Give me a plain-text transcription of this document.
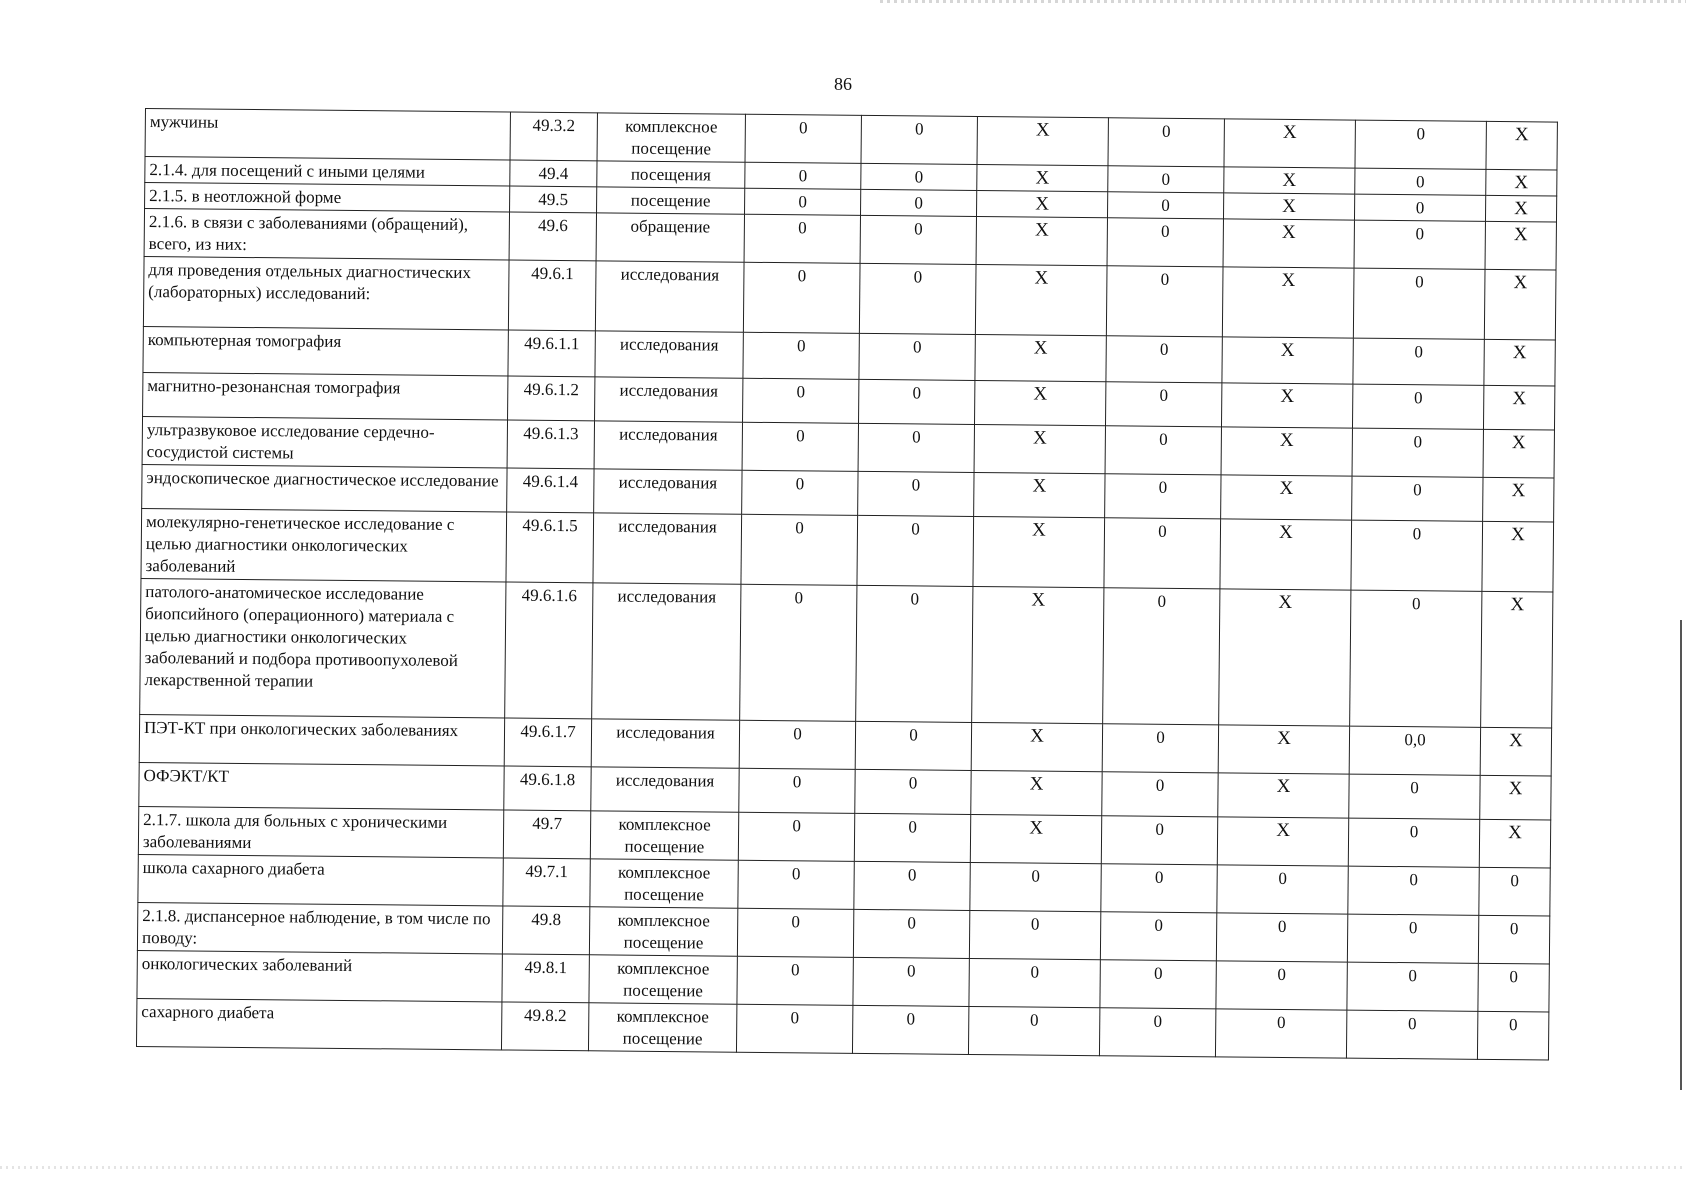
86
мужчины	49.3.2	комплексное посещение	0	0	X	0	X	0	X
2.1.4. для посещений с иными целями	49.4	посещения	0	0	X	0	X	0	X
2.1.5. в неотложной форме	49.5	посещение	0	0	X	0	X	0	X
2.1.6. в связи с заболеваниями (обращений), всего, из них:	49.6	обращение	0	0	X	0	X	0	X
для проведения отдельных диагностических (лабораторных) исследований:	49.6.1	исследования	0	0	X	0	X	0	X
компьютерная томография	49.6.1.1	исследования	0	0	X	0	X	0	X
магнитно-резонансная томография	49.6.1.2	исследования	0	0	X	0	X	0	X
ультразвуковое исследование сердечно-сосудистой системы	49.6.1.3	исследования	0	0	X	0	X	0	X
эндоскопическое диагностическое исследование	49.6.1.4	исследования	0	0	X	0	X	0	X
молекулярно-генетическое исследование с целью диагностики онкологических заболеваний	49.6.1.5	исследования	0	0	X	0	X	0	X
патолого-анатомическое исследование биопсийного (операционного) материала с целью диагностики онкологических заболеваний и подбора противоопухолевой лекарственной терапии	49.6.1.6	исследования	0	0	X	0	X	0	X
ПЭТ-КТ при онкологических заболеваниях	49.6.1.7	исследования	0	0	X	0	X	0,0	X
ОФЭКТ/КТ	49.6.1.8	исследования	0	0	X	0	X	0	X
2.1.7. школа для больных с хроническими заболеваниями	49.7	комплексное посещение	0	0	X	0	X	0	X
школа сахарного диабета	49.7.1	комплексное посещение	0	0	0	0	0	0	0
2.1.8. диспансерное наблюдение, в том числе по поводу:	49.8	комплексное посещение	0	0	0	0	0	0	0
онкологических заболеваний	49.8.1	комплексное посещение	0	0	0	0	0	0	0
сахарного диабета	49.8.2	комплексное посещение	0	0	0	0	0	0	0
